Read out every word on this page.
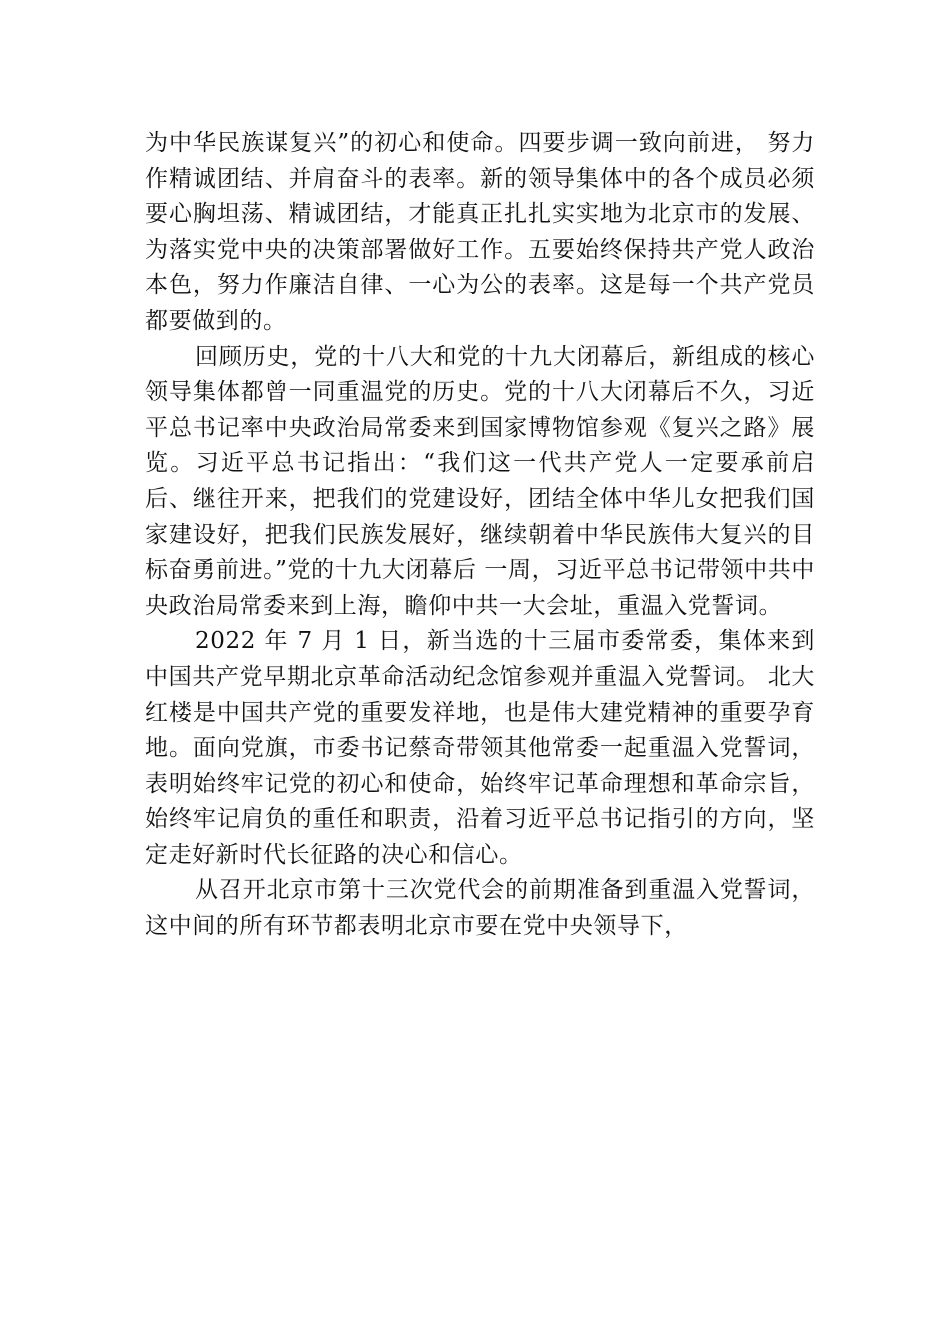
为中华民族谋复兴”的初心和使命。四要步调一致向前进， 努力作精诚团结、并肩奋斗的表率。新的领导集体中的各个成员必须要心胸坦荡、精诚团结，才能真正扎扎实实地为北京市的发展、为落实党中央的决策部署做好工作。五要始终保持共产党人政治本色，努力作廉洁自律、一心为公的表率。这是每一个共产党员都要做到的。

回顾历史，党的十八大和党的十九大闭幕后，新组成的核心领导集体都曾一同重温党的历史。党的十八大闭幕后不久，习近平总书记率中央政治局常委来到国家博物馆参观《复兴之路》展览。习近平总书记指出：“我们这一代共产党人一定要承前启后、继往开来，把我们的党建设好，团结全体中华儿女把我们国家建设好，把我们民族发展好，继续朝着中华民族伟大复兴的目标奋勇前进。”党的十九大闭幕后 一周，习近平总书记带领中共中央政治局常委来到上海，瞻仰中共一大会址，重温入党誓词。

2022 年 7 月 1 日，新当选的十三届市委常委，集体来到中国共产党早期北京革命活动纪念馆参观并重温入党誓词。 北大红楼是中国共产党的重要发祥地，也是伟大建党精神的重要孕育地。面向党旗，市委书记蔡奇带领其他常委一起重温入党誓词，表明始终牢记党的初心和使命，始终牢记革命理想和革命宗旨，始终牢记肩负的重任和职责，沿着习近平总书记指引的方向，坚定走好新时代长征路的决心和信心。

从召开北京市第十三次党代会的前期准备到重温入党誓词，这中间的所有环节都表明北京市要在党中央领导下，
